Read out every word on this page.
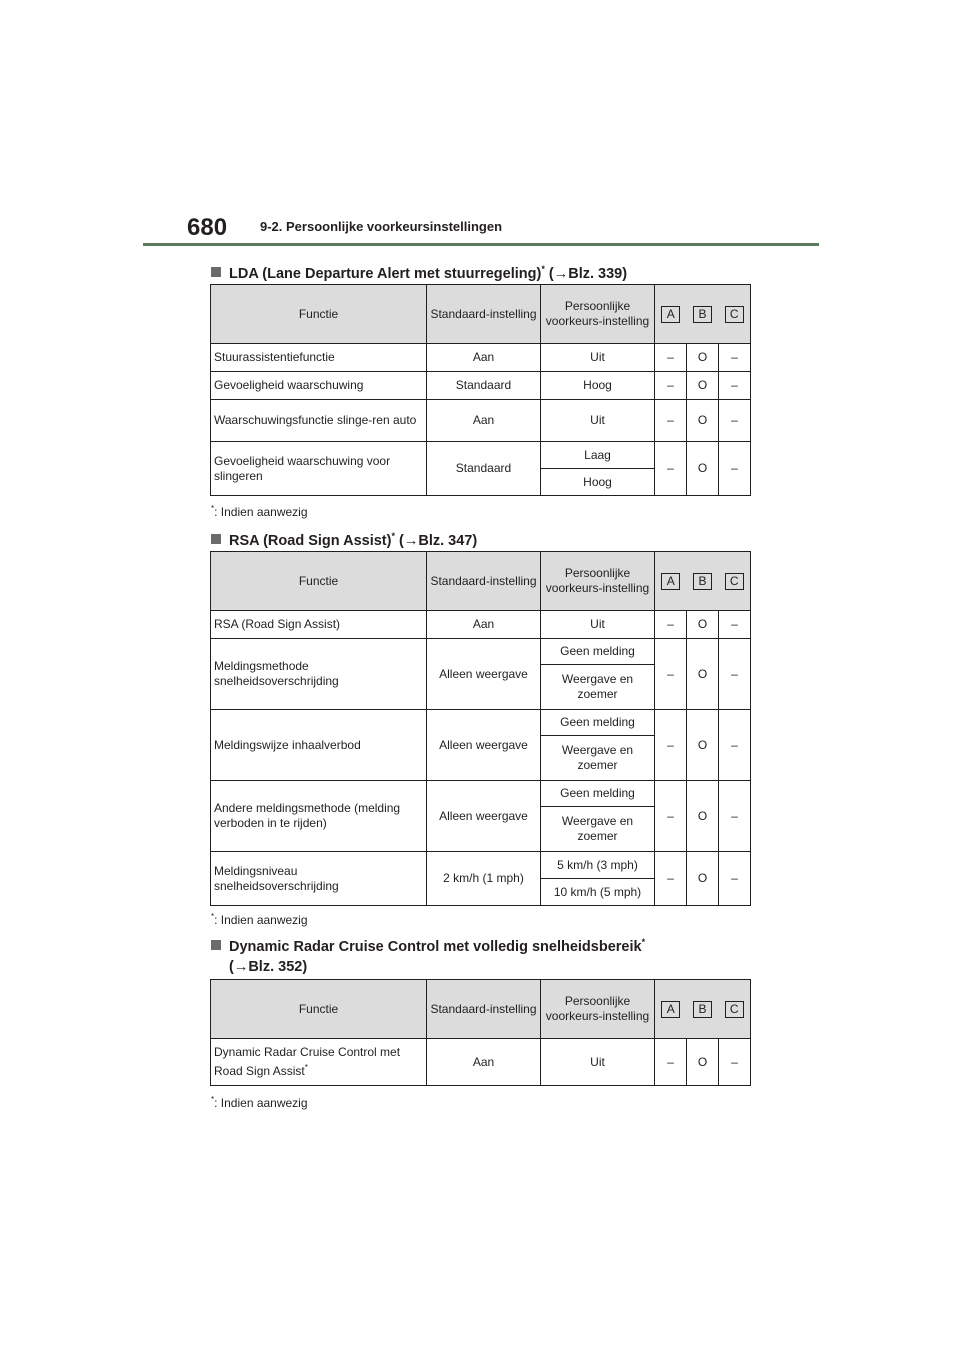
680	9-2. Persoonlijke voorkeursinstellingen
LDA (Lane Departure Alert met stuurregeling)* (→Blz. 339)
Functie	Standaard-instelling	Persoonlijke voorkeurs-instelling	A	B	C
Stuurassistentiefunctie	Aan	Uit	–	O	–
Gevoeligheid waarschuwing	Standaard	Hoog	–	O	–
Waarschuwingsfunctie slinge-ren auto	Aan	Uit	–	O	–
Gevoeligheid waarschuwing voor slingeren	Standaard	Laag	–	O	–
		Hoog			
*: Indien aanwezig
RSA (Road Sign Assist)* (→Blz. 347)
Functie	Standaard-instelling	Persoonlijke voorkeurs-instelling	A	B	C
RSA (Road Sign Assist)	Aan	Uit	–	O	–
Meldingsmethode snelheidsoverschrijding	Alleen weergave	Geen melding	–	O	–
		Weergave en zoemer			
Meldingswijze inhaalverbod	Alleen weergave	Geen melding	–	O	–
		Weergave en zoemer			
Andere meldingsmethode (melding verboden in te rijden)	Alleen weergave	Geen melding	–	O	–
		Weergave en zoemer			
Meldingsniveau snelheidsoverschrijding	2 km/h (1 mph)	5 km/h (3 mph)	–	O	–
		10 km/h (5 mph)			
*: Indien aanwezig
Dynamic Radar Cruise Control met volledig snelheidsbereik*
(→Blz. 352)
Functie	Standaard-instelling	Persoonlijke voorkeurs-instelling	A	B	C
Dynamic Radar Cruise Control met Road Sign Assist*	Aan	Uit	–	O	–
*: Indien aanwezig
